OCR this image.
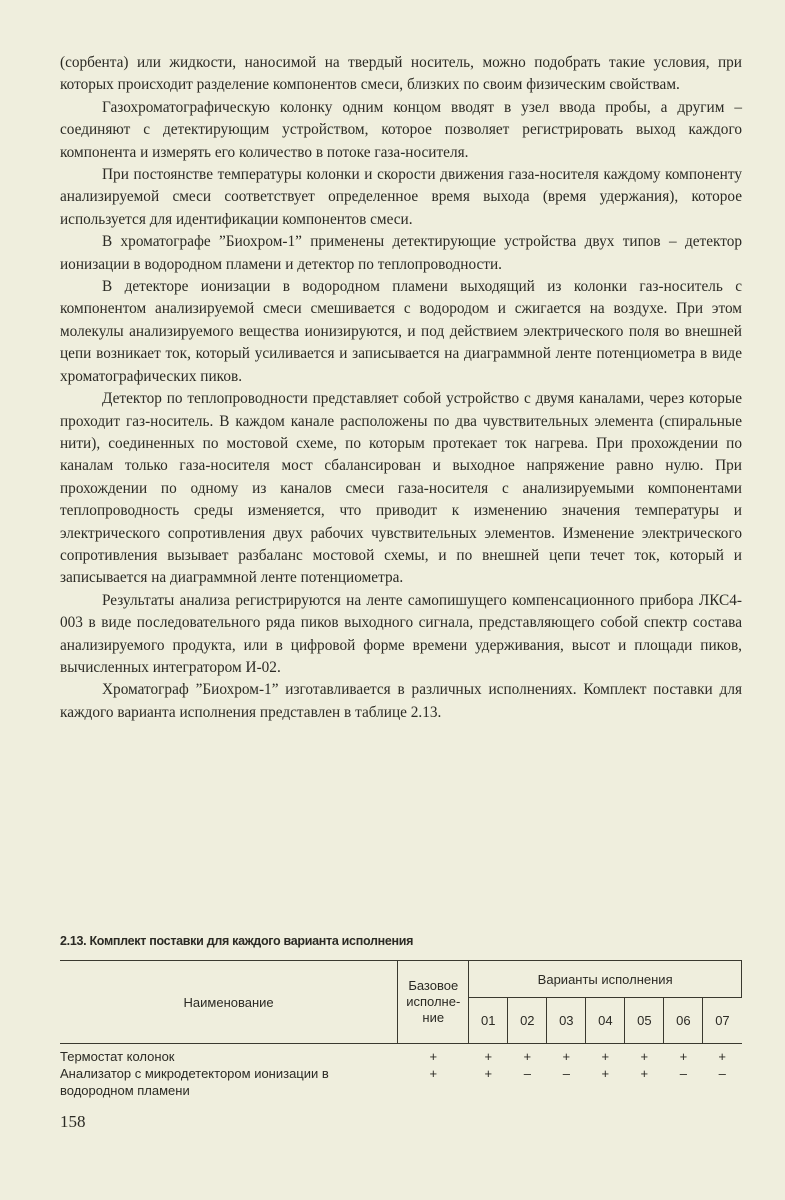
(сорбента) или жидкости, наносимой на твердый носитель, можно подобрать такие условия, при которых происходит разделение компонентов смеси, близких по своим физическим свойствам.

Газохроматографическую колонку одним концом вводят в узел ввода пробы, а другим – соединяют с детектирующим устройством, которое позволяет регистрировать выход каждого компонента и измерять его количество в потоке газа-носителя.

При постоянстве температуры колонки и скорости движения газа-носителя каждому компоненту анализируемой смеси соответствует определенное время выхода (время удержания), которое используется для идентификации компонентов смеси.

В хроматографе ”Биохром-1” применены детектирующие устройства двух типов – детектор ионизации в водородном пламени и детектор по теплопроводности.

В детекторе ионизации в водородном пламени выходящий из колонки газ-носитель с компонентом анализируемой смеси смешивается с водородом и сжигается на воздухе. При этом молекулы анализируемого вещества ионизируются, и под действием электрического поля во внешней цепи возникает ток, который усиливается и записывается на диаграммной ленте потенциометра в виде хроматографических пиков.

Детектор по теплопроводности представляет собой устройство с двумя каналами, через которые проходит газ-носитель. В каждом канале расположены по два чувствительных элемента (спиральные нити), соединенных по мостовой схеме, по которым протекает ток нагрева. При прохождении по каналам только газа-носителя мост сбалансирован и выходное напряжение равно нулю. При прохождении по одному из каналов смеси газа-носителя с анализируемыми компонентами теплопроводность среды изменяется, что приводит к изменению значения температуры и электрического сопротивления двух рабочих чувствительных элементов. Изменение электрического сопротивления вызывает разбаланс мостовой схемы, и по внешней цепи течет ток, который и записывается на диаграммной ленте потенциометра.

Результаты анализа регистрируются на ленте самопишущего компенсационного прибора ЛКС4-003 в виде последовательного ряда пиков выходного сигнала, представляющего собой спектр состава анализируемого продукта, или в цифровой форме времени удерживания, высот и площади пиков, вычисленных интегратором И-02.

Хроматограф ”Биохром-1” изготавливается в различных исполнениях. Комплект поставки для каждого варианта исполнения представлен в таблице 2.13.

2.13. Комплект поставки для каждого варианта исполнения
Наименование	Базовое исполне-ние	Варианты исполнения						
		01	02	03	04	05	06	07
Термостат колонок	+	+	+	+	+	+	+	+
Анализатор с микродетектором ионизации в водородном пламени	+	+	–	–	+	+	–	–
158
